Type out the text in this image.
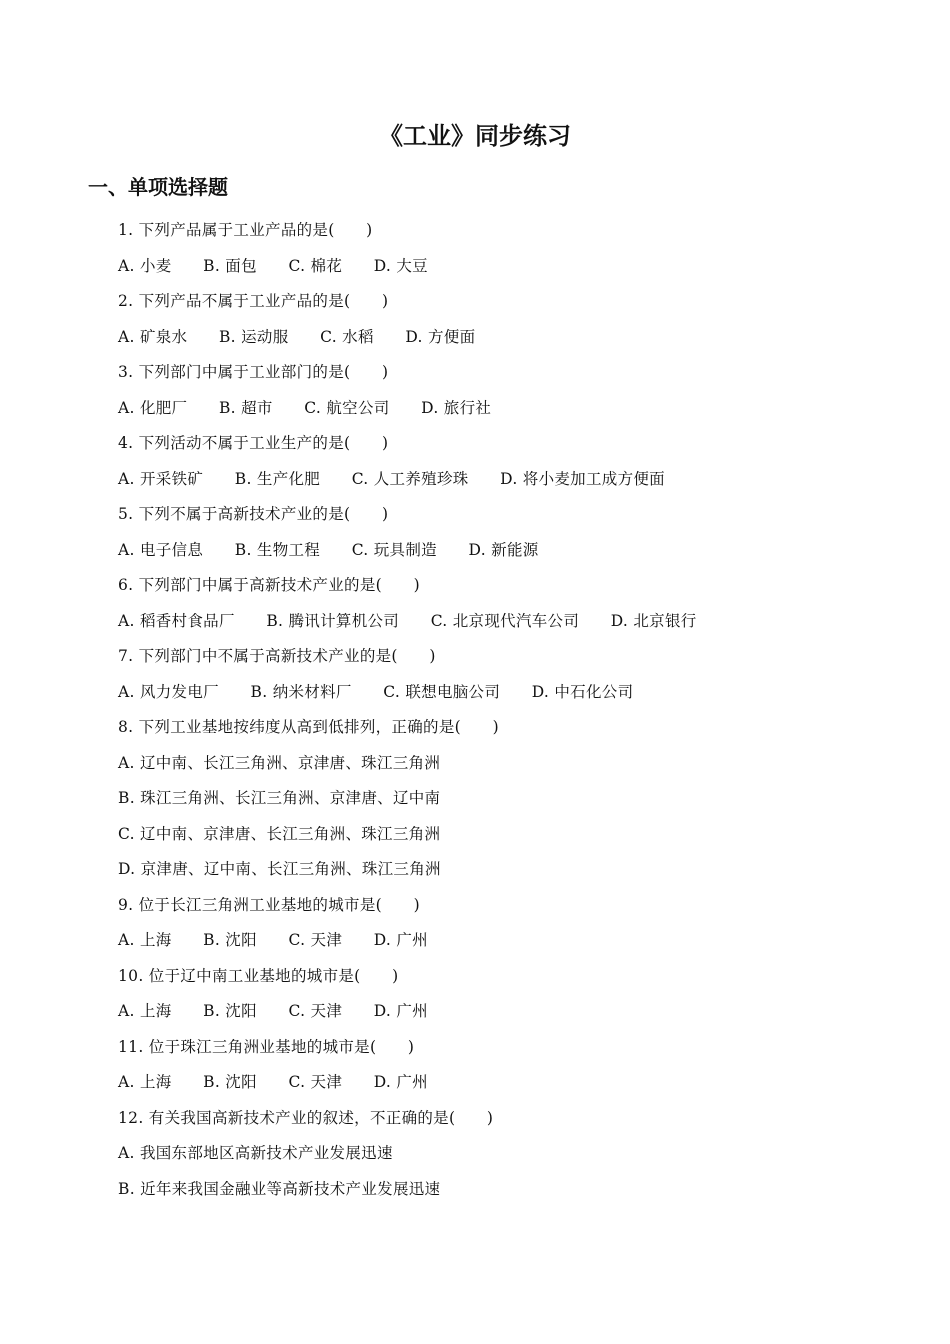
《工业》同步练习
一、单项选择题
1. 下列产品属于工业产品的是(　　)
A. 小麦　　B. 面包　　C. 棉花　　D. 大豆
2. 下列产品不属于工业产品的是(　　)
A. 矿泉水　　B. 运动服　　C. 水稻　　D. 方便面
3. 下列部门中属于工业部门的是(　　)
A. 化肥厂　　B. 超市　　C. 航空公司　　D. 旅行社
4. 下列活动不属于工业生产的是(　　)
A. 开采铁矿　　B. 生产化肥　　C. 人工养殖珍珠　　D. 将小麦加工成方便面
5. 下列不属于高新技术产业的是(　　)
A. 电子信息　　B. 生物工程　　C. 玩具制造　　D. 新能源
6. 下列部门中属于高新技术产业的是(　　)
A. 稻香村食品厂　　B. 腾讯计算机公司　　C. 北京现代汽车公司　　D. 北京银行
7. 下列部门中不属于高新技术产业的是(　　)
A. 风力发电厂　　B. 纳米材料厂　　C. 联想电脑公司　　D. 中石化公司
8. 下列工业基地按纬度从高到低排列，正确的是(　　)
A. 辽中南、长江三角洲、京津唐、珠江三角洲
B. 珠江三角洲、长江三角洲、京津唐、辽中南
C. 辽中南、京津唐、长江三角洲、珠江三角洲
D. 京津唐、辽中南、长江三角洲、珠江三角洲
9. 位于长江三角洲工业基地的城市是(　　)
A. 上海　　B. 沈阳　　C. 天津　　D. 广州
10. 位于辽中南工业基地的城市是(　　)
A. 上海　　B. 沈阳　　C. 天津　　D. 广州
11. 位于珠江三角洲业基地的城市是(　　)
A. 上海　　B. 沈阳　　C. 天津　　D. 广州
12. 有关我国高新技术产业的叙述，不正确的是(　　)
A. 我国东部地区高新技术产业发展迅速
B. 近年来我国金融业等高新技术产业发展迅速
